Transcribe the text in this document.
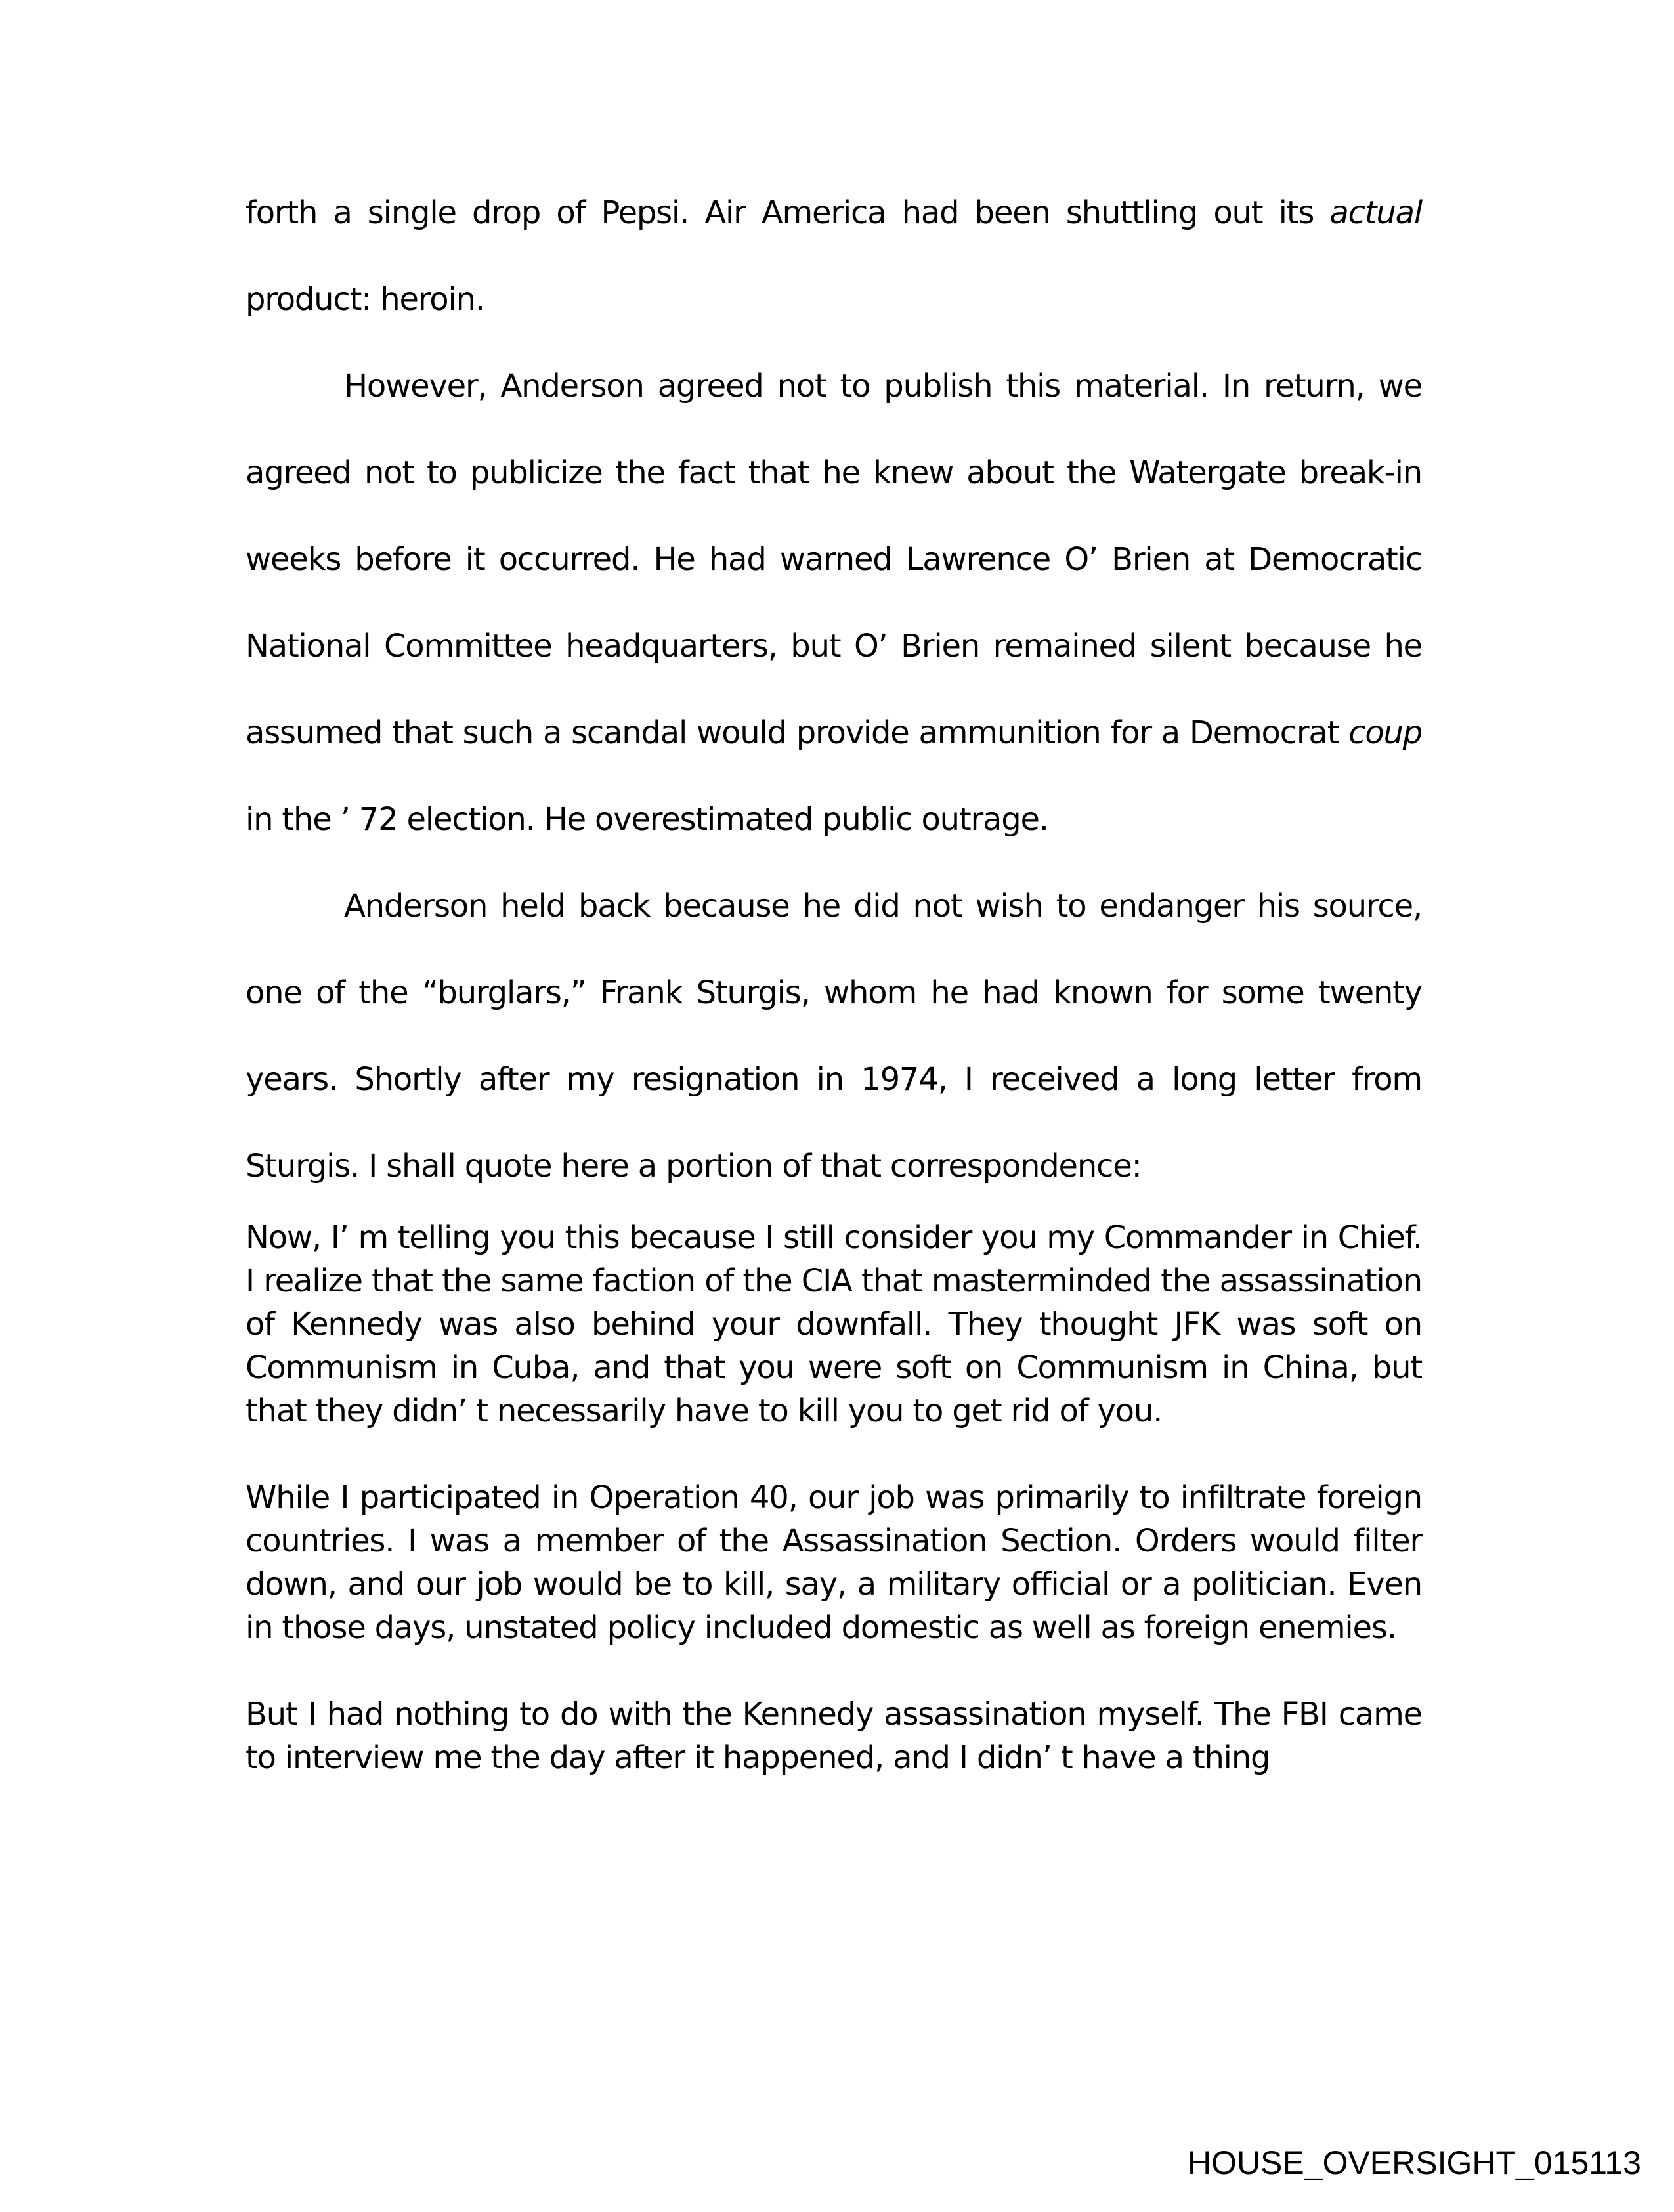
forth a single drop of Pepsi. Air America had been shuttling out its actual product: heroin.

However, Anderson agreed not to publish this material. In return, we agreed not to publicize the fact that he knew about the Watergate break-in weeks before it occurred. He had warned Lawrence O’ Brien at Democratic National Committee headquarters, but O’ Brien remained silent because he assumed that such a scandal would provide ammunition for a Democrat coup in the ’ 72 election. He overestimated public outrage.

Anderson held back because he did not wish to endanger his source, one of the “burglars,” Frank Sturgis, whom he had known for some twenty years. Shortly after my resignation in 1974, I received a long letter from Sturgis. I shall quote here a portion of that correspondence:

Now, I’ m telling you this because I still consider you my Commander in Chief. I realize that the same faction of the CIA that masterminded the assassination of Kennedy was also behind your downfall. They thought JFK was soft on Communism in Cuba, and that you were soft on Communism in China, but that they didn’ t necessarily have to kill you to get rid of you.

While I participated in Operation 40, our job was primarily to infiltrate foreign countries. I was a member of the Assassination Section. Orders would filter down, and our job would be to kill, say, a military official or a politician. Even in those days, unstated policy included domestic as well as foreign enemies.

But I had nothing to do with the Kennedy assassination myself. The FBI came to interview me the day after it happened, and I didn’ t have a thing

HOUSE_OVERSIGHT_015113
